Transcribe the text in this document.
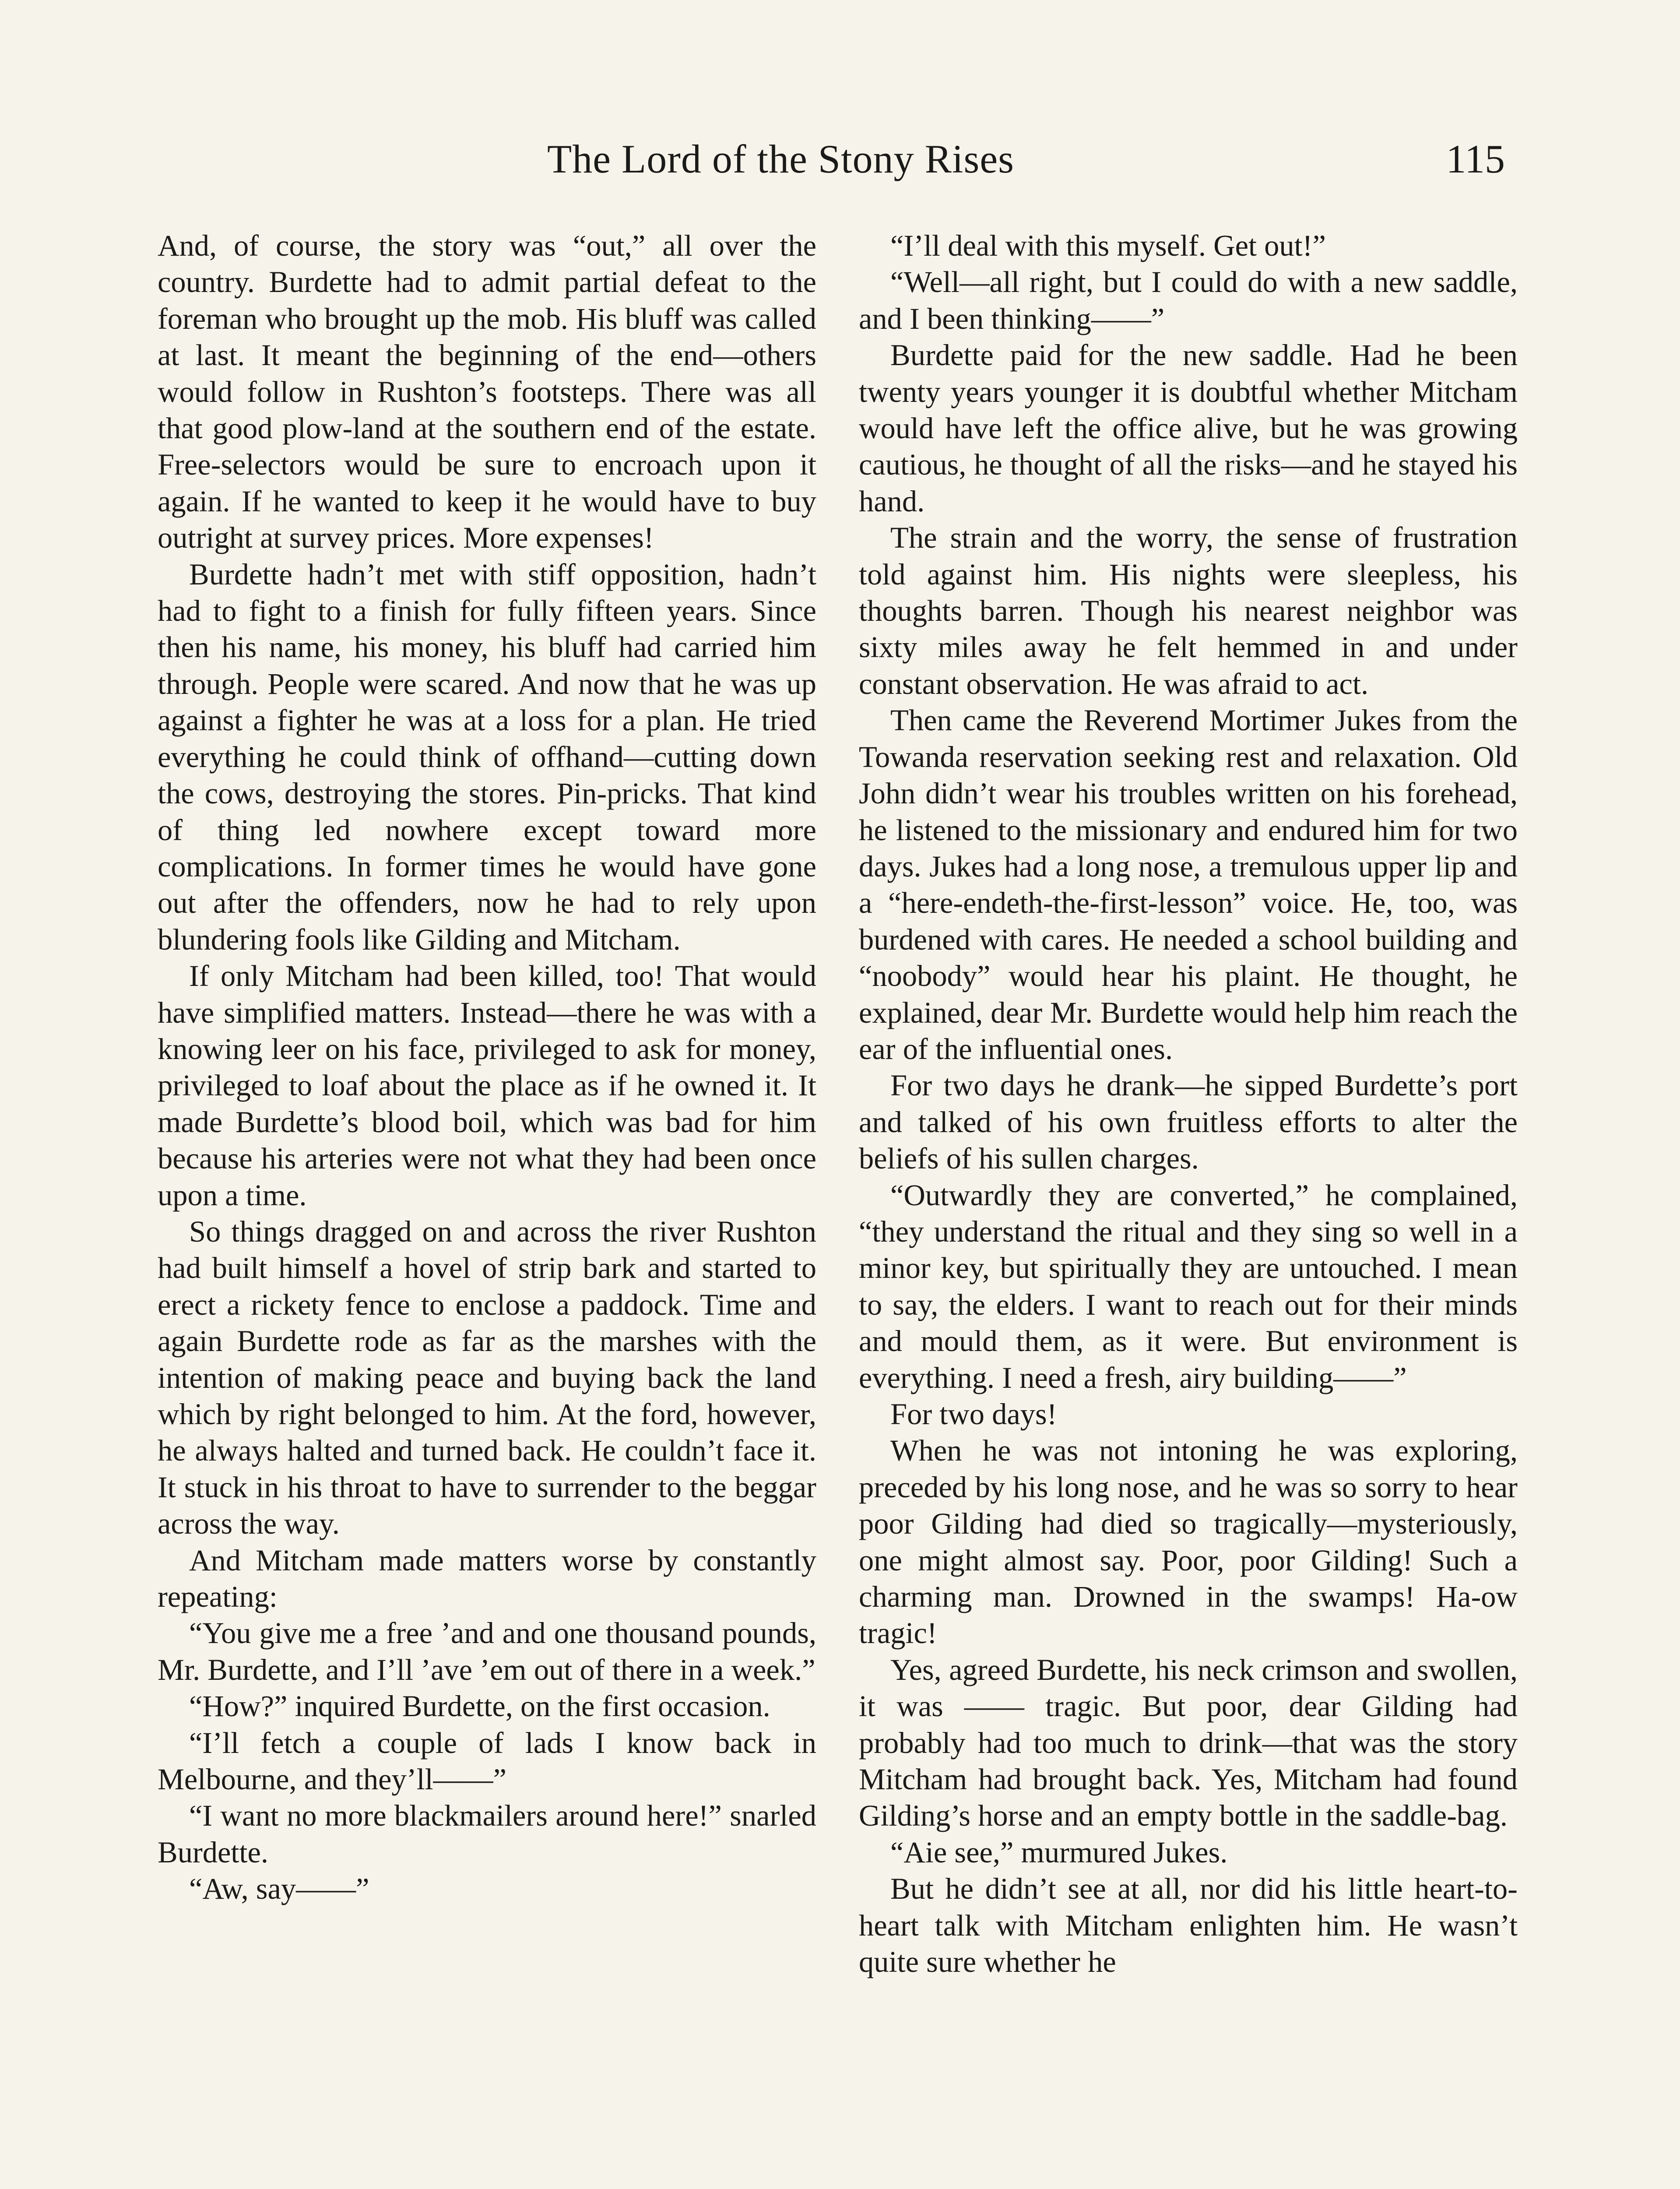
The Lord of the Stony Rises	115

And, of course, the story was “out,” all over the country. Burdette had to admit partial defeat to the foreman who brought up the mob. His bluff was called at last. It meant the beginning of the end—others would follow in Rushton’s footsteps. There was all that good plow-land at the southern end of the estate. Free-selectors would be sure to encroach upon it again. If he wanted to keep it he would have to buy outright at survey prices. More expenses!

Burdette hadn’t met with stiff opposition, hadn’t had to fight to a finish for fully fifteen years. Since then his name, his money, his bluff had carried him through. People were scared. And now that he was up against a fighter he was at a loss for a plan. He tried everything he could think of offhand—cutting down the cows, destroying the stores. Pin-pricks. That kind of thing led nowhere except toward more complications. In former times he would have gone out after the offenders, now he had to rely upon blundering fools like Gilding and Mitcham.

If only Mitcham had been killed, too! That would have simplified matters. Instead—there he was with a knowing leer on his face, privileged to ask for money, privileged to loaf about the place as if he owned it. It made Burdette’s blood boil, which was bad for him because his arteries were not what they had been once upon a time.

So things dragged on and across the river Rushton had built himself a hovel of strip bark and started to erect a rickety fence to enclose a paddock. Time and again Burdette rode as far as the marshes with the intention of making peace and buying back the land which by right belonged to him. At the ford, however, he always halted and turned back. He couldn’t face it. It stuck in his throat to have to surrender to the beggar across the way.

And Mitcham made matters worse by constantly repeating:

“You give me a free ’and and one thousand pounds, Mr. Burdette, and I’ll ’ave ’em out of there in a week.”

“How?” inquired Burdette, on the first occasion.

“I’ll fetch a couple of lads I know back in Melbourne, and they’ll——”

“I want no more blackmailers around here!” snarled Burdette.

“Aw, say——”

“I’ll deal with this myself. Get out!”

“Well—all right, but I could do with a new saddle, and I been thinking——”

Burdette paid for the new saddle. Had he been twenty years younger it is doubtful whether Mitcham would have left the office alive, but he was growing cautious, he thought of all the risks—and he stayed his hand.

The strain and the worry, the sense of frustration told against him. His nights were sleepless, his thoughts barren. Though his nearest neighbor was sixty miles away he felt hemmed in and under constant observation. He was afraid to act.

Then came the Reverend Mortimer Jukes from the Towanda reservation seeking rest and relaxation. Old John didn’t wear his troubles written on his forehead, he listened to the missionary and endured him for two days. Jukes had a long nose, a tremulous upper lip and a “here-endeth-the-first-lesson” voice. He, too, was burdened with cares. He needed a school building and “noobody” would hear his plaint. He thought, he explained, dear Mr. Burdette would help him reach the ear of the influential ones.

For two days he drank—he sipped Burdette’s port and talked of his own fruitless efforts to alter the beliefs of his sullen charges.

“Outwardly they are converted,” he complained, “they understand the ritual and they sing so well in a minor key, but spiritually they are untouched. I mean to say, the elders. I want to reach out for their minds and mould them, as it were. But environment is everything. I need a fresh, airy building——”

For two days!

When he was not intoning he was exploring, preceded by his long nose, and he was so sorry to hear poor Gilding had died so tragically—mysteriously, one might almost say. Poor, poor Gilding! Such a charming man. Drowned in the swamps! Ha-ow tragic!

Yes, agreed Burdette, his neck crimson and swollen, it was —— tragic. But poor, dear Gilding had probably had too much to drink—that was the story Mitcham had brought back. Yes, Mitcham had found Gilding’s horse and an empty bottle in the saddle-bag.

“Aie see,” murmured Jukes.

But he didn’t see at all, nor did his little heart-to-heart talk with Mitcham enlighten him. He wasn’t quite sure whether he
